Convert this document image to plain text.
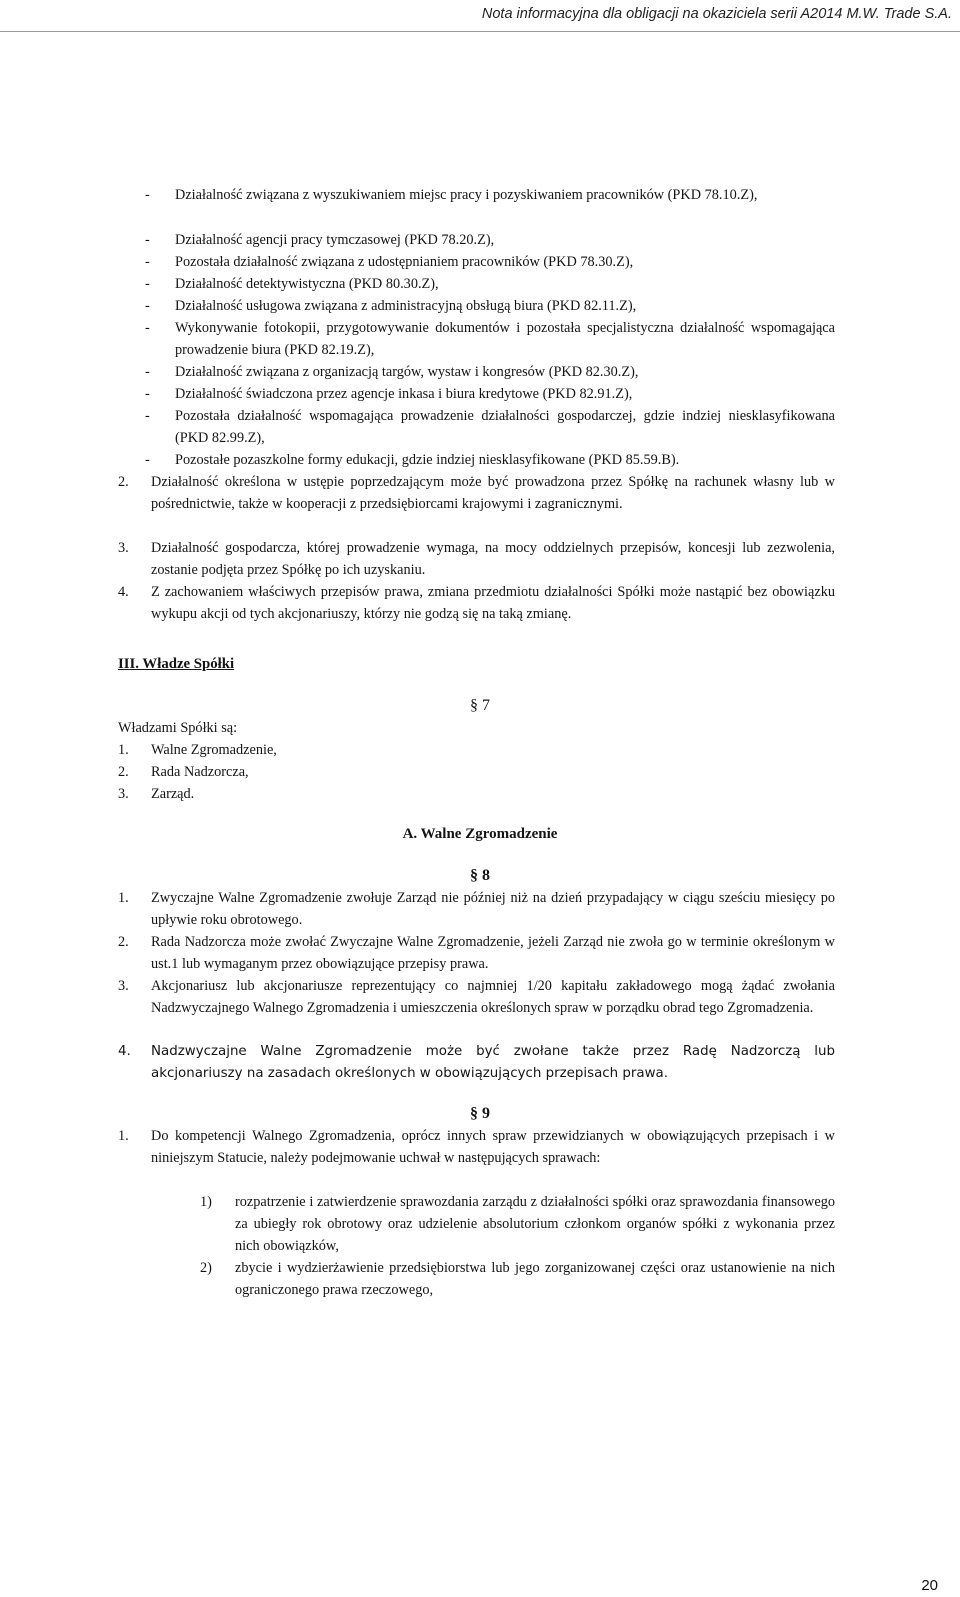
Nota informacyjna dla obligacji na okaziciela serii A2014 M.W. Trade S.A.
- Działalność związana z wyszukiwaniem miejsc pracy i pozyskiwaniem pracowników (PKD 78.10.Z),
- Działalność agencji pracy tymczasowej (PKD 78.20.Z),
- Pozostała działalność związana z udostępnianiem pracowników (PKD 78.30.Z),
- Działalność detektywistyczna (PKD 80.30.Z),
- Działalność usługowa związana z administracyjną obsługą biura (PKD 82.11.Z),
- Wykonywanie fotokopii, przygotowywanie dokumentów i pozostała specjalistyczna działalność wspomagająca prowadzenie biura (PKD 82.19.Z),
- Działalność związana z organizacją targów, wystaw i kongresów (PKD 82.30.Z),
- Działalność świadczona przez agencje inkasa i biura kredytowe (PKD 82.91.Z),
- Pozostała działalność wspomagająca prowadzenie działalności gospodarczej, gdzie indziej niesklasyfikowana (PKD 82.99.Z),
- Pozostałe pozaszkolne formy edukacji, gdzie indziej niesklasyfikowane (PKD 85.59.B).
2. Działalność określona w ustępie poprzedzającym może być prowadzona przez Spółkę na rachunek własny lub w pośrednictwie, także w kooperacji z przedsiębiorcami krajowymi i zagranicznymi.
3. Działalność gospodarcza, której prowadzenie wymaga, na mocy oddzielnych przepisów, koncesji lub zezwolenia, zostanie podjęta przez Spółkę po ich uzyskaniu.
4. Z zachowaniem właściwych przepisów prawa, zmiana przedmiotu działalności Spółki może nastąpić bez obowiązku wykupu akcji od tych akcjonariuszy, którzy nie godzą się na taką zmianę.
III. Władze Spółki
§ 7
Władzami Spółki są:
1. Walne Zgromadzenie,
2. Rada Nadzorcza,
3. Zarząd.
A. Walne Zgromadzenie
§ 8
1. Zwyczajne Walne Zgromadzenie zwołuje Zarząd nie później niż na dzień przypadający w ciągu sześciu miesięcy po upływie roku obrotowego.
2. Rada Nadzorcza może zwołać Zwyczajne Walne Zgromadzenie, jeżeli Zarząd nie zwoła go w terminie określonym w ust.1 lub wymaganym przez obowiązujące przepisy prawa.
3. Akcjonariusz lub akcjonariusze reprezentujący co najmniej 1/20 kapitału zakładowego mogą żądać zwołania Nadzwyczajnego Walnego Zgromadzenia i umieszczenia określonych spraw w porządku obrad tego Zgromadzenia.
4. Nadzwyczajne Walne Zgromadzenie może być zwołane także przez Radę Nadzorczą lub akcjonariuszy na zasadach określonych w obowiązujących przepisach prawa.
§ 9
1. Do kompetencji Walnego Zgromadzenia, oprócz innych spraw przewidzianych w obowiązujących przepisach i w niniejszym Statucie, należy podejmowanie uchwał w następujących sprawach:
1) rozpatrzenie i zatwierdzenie sprawozdania zarządu z działalności spółki oraz sprawozdania finansowego za ubiegły rok obrotowy oraz udzielenie absolutorium członkom organów spółki z wykonania przez nich obowiązków,
2) zbycie i wydzierżawienie przedsiębiorstwa lub jego zorganizowanej części oraz ustanowienie na nich ograniczonego prawa rzeczowego,
20
